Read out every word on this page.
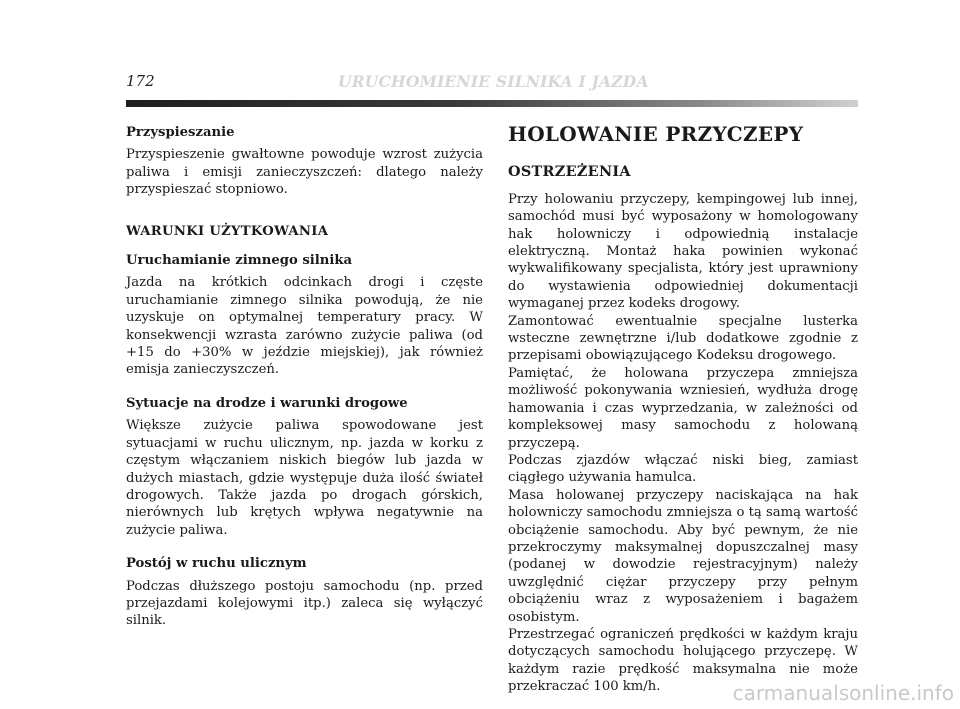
172	URUCHOMIENIE SILNIKA I JAZDA
Przyspieszanie

Przyspieszenie gwałtowne powoduje wzrost zużycia paliwa i emisji zanieczyszczeń: dlatego należy przyspieszać stopniowo.

WARUNKI UŻYTKOWANIA
Uruchamianie zimnego silnika

Jazda na krótkich odcinkach drogi i częste uruchamianie zimnego silnika powodują, że nie uzyskuje on optymalnej temperatury pracy. W konsekwencji wzrasta zarówno zużycie paliwa (od +15 do +30% w jeździe miejskiej), jak również emisja zanieczyszczeń.

Sytuacje na drodze i warunki drogowe

Większe zużycie paliwa spowodowane jest sytuacjami w ruchu ulicznym, np. jazda w korku z częstym włączaniem niskich biegów lub jazda w dużych miastach, gdzie występuje duża ilość świateł drogowych. Także jazda po drogach górskich, nierównych lub krętych wpływa negatywnie na zużycie paliwa.

Postój w ruchu ulicznym

Podczas dłuższego postoju samochodu (np. przed przejazdami kolejowymi itp.) zaleca się wyłączyć silnik.

HOLOWANIE PRZYCZEPY
OSTRZEŻENIA

Przy holowaniu przyczepy, kempingowej lub innej, samochód musi być wyposażony w homologowany hak holowniczy i odpowiednią instalacje elektryczną. Montaż haka powinien wykonać wykwalifikowany specjalista, który jest uprawniony do wystawienia odpowiedniej dokumentacji wymaganej przez kodeks drogowy.

Zamontować ewentualnie specjalne lusterka wsteczne zewnętrzne i/lub dodatkowe zgodnie z przepisami obowiązującego Kodeksu drogowego.

Pamiętać, że holowana przyczepa zmniejsza możliwość pokonywania wzniesień, wydłuża drogę hamowania i czas wyprzedzania, w zależności od kompleksowej masy samochodu z holowaną przyczepą.

Podczas zjazdów włączać niski bieg, zamiast ciągłego używania hamulca.

Masa holowanej przyczepy naciskająca na hak holowniczy samochodu zmniejsza o tą samą wartość obciążenie samochodu. Aby być pewnym, że nie przekroczymy maksymalnej dopuszczalnej masy (podanej w dowodzie rejestracyjnym) należy uwzględnić ciężar przyczepy przy pełnym obciążeniu wraz z wyposażeniem i bagażem osobistym.

Przestrzegać ograniczeń prędkości w każdym kraju dotyczących samochodu holującego przyczepę. W każdym razie prędkość maksymalna nie może przekraczać 100 km/h.	carmanualsonline.info
